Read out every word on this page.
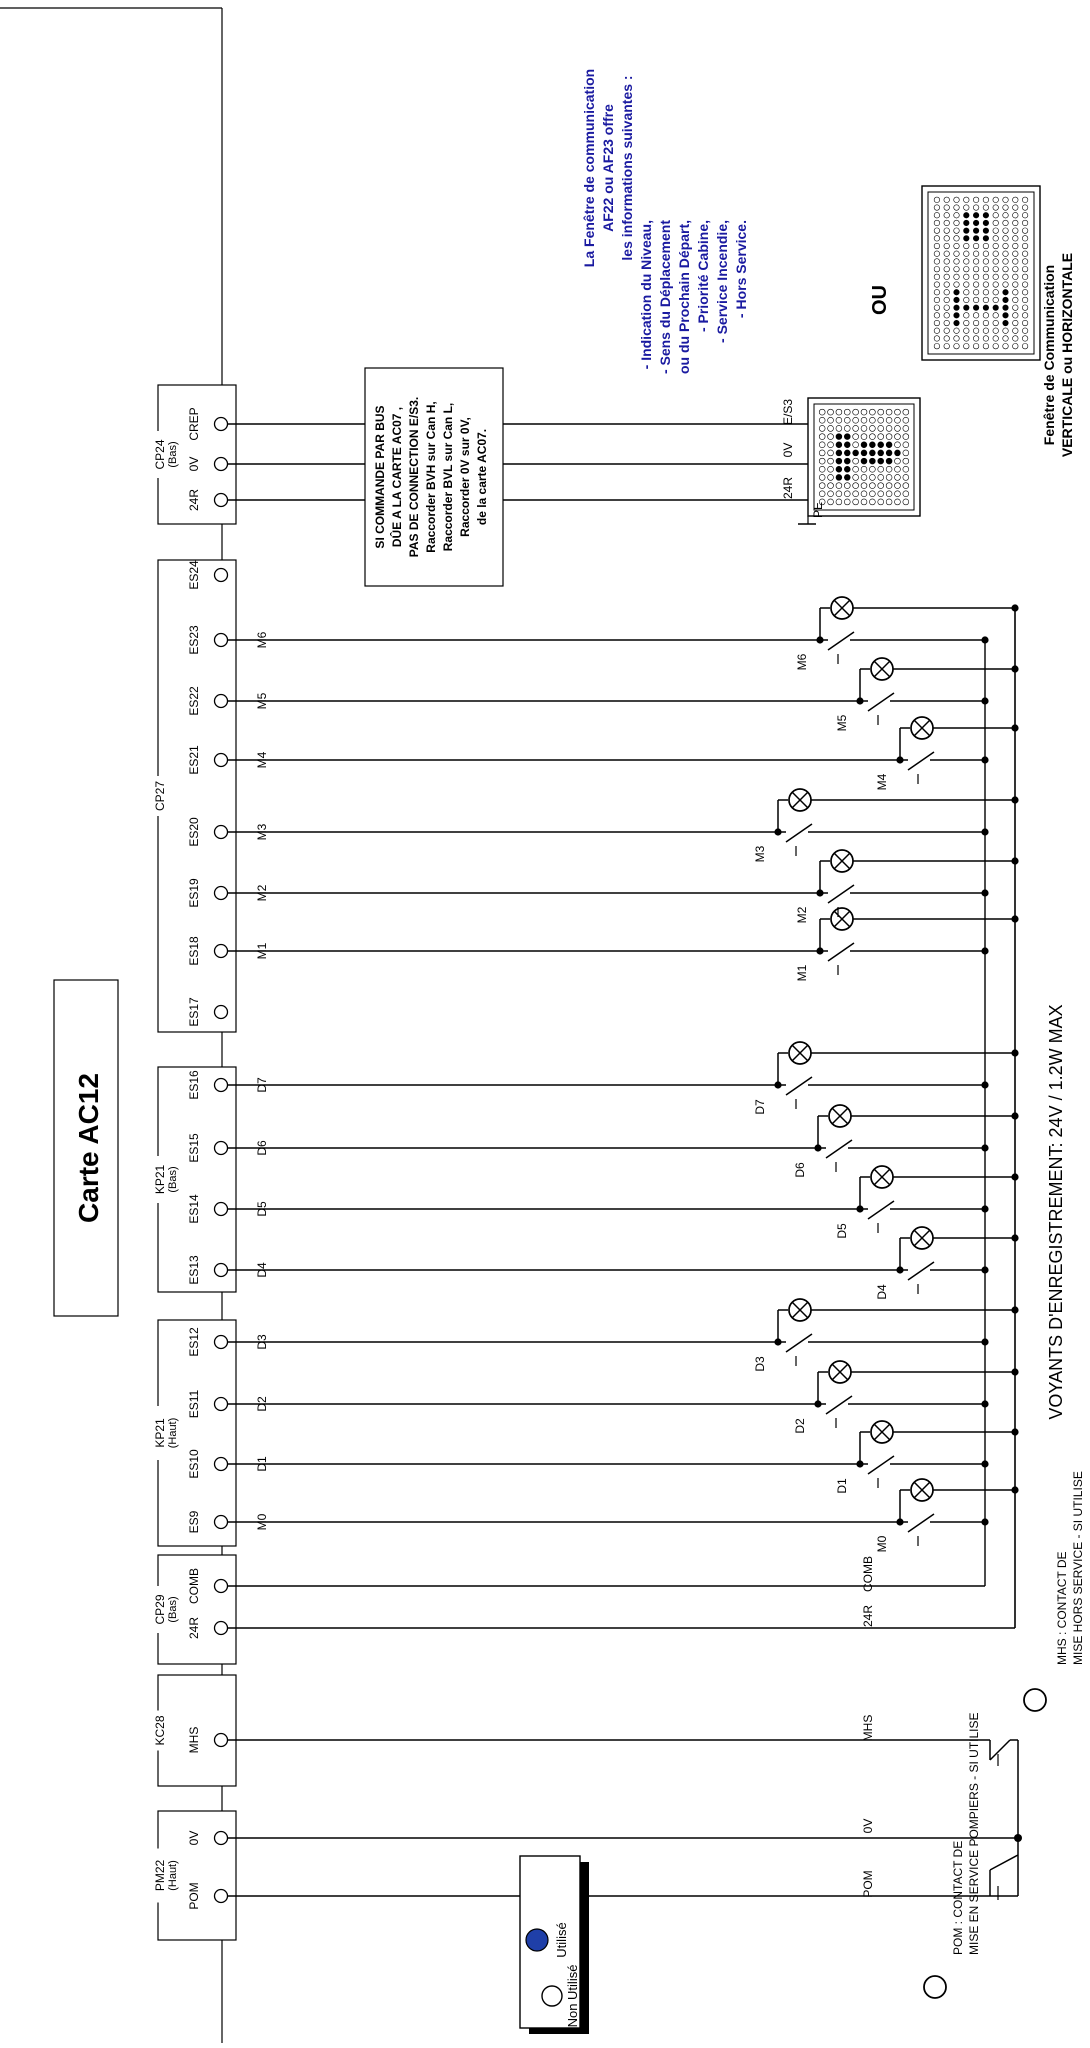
Carte AC12
PM22 (Haut)
POM
0V
KC28 MHS
CP29 (Bas)
24R
COMB
KP21 (Haut)
ES9
ES10
ES11
ES12
KP21 (Bas)
ES13
ES14
ES15
ES16
CP27
ES17
ES18
ES19
ES20
ES21
ES22
ES23
ES24
CP24 (Bas)
24R
0V
CREP
POM
0V
MHS
COMB
24R
M0
M0
D1
D1
D2
D2
D3
D3
D4
D4
D5
D5
D6
D6
D7
D7
M1
M1
M2
M2
M3
M3
M4
M4
M5
M5
M6
M6
SI COMMANDE PAR BUS DÛE A LA CARTE AC07 , PAS DE CONNECTION E/S3. Raccorder BVH sur Can H, Raccorder BVL sur Can L, Raccorder 0V sur 0V, de la carte AC07.
E/S3
0V
24R
PE
OU	Fenêtre de Communication VERTICALE ou HORIZONTALE
La Fenêtre de communication AF22 ou AF23 offre les informations suivantes :
- Indication du Niveau, - Sens du Déplacement ou du Prochain Départ, - Priorité Cabine, - Service Incendie, - Hors Service.
VOYANTS D'ENREGISTREMENT: 24V / 1.2W MAX
Utilisé
Non Utilisé
POM : CONTACT DE MISE EN SERVICE POMPIERS - SI UTILISE
MHS : CONTACT DE MISE HORS SERVICE - SI UTILISE
